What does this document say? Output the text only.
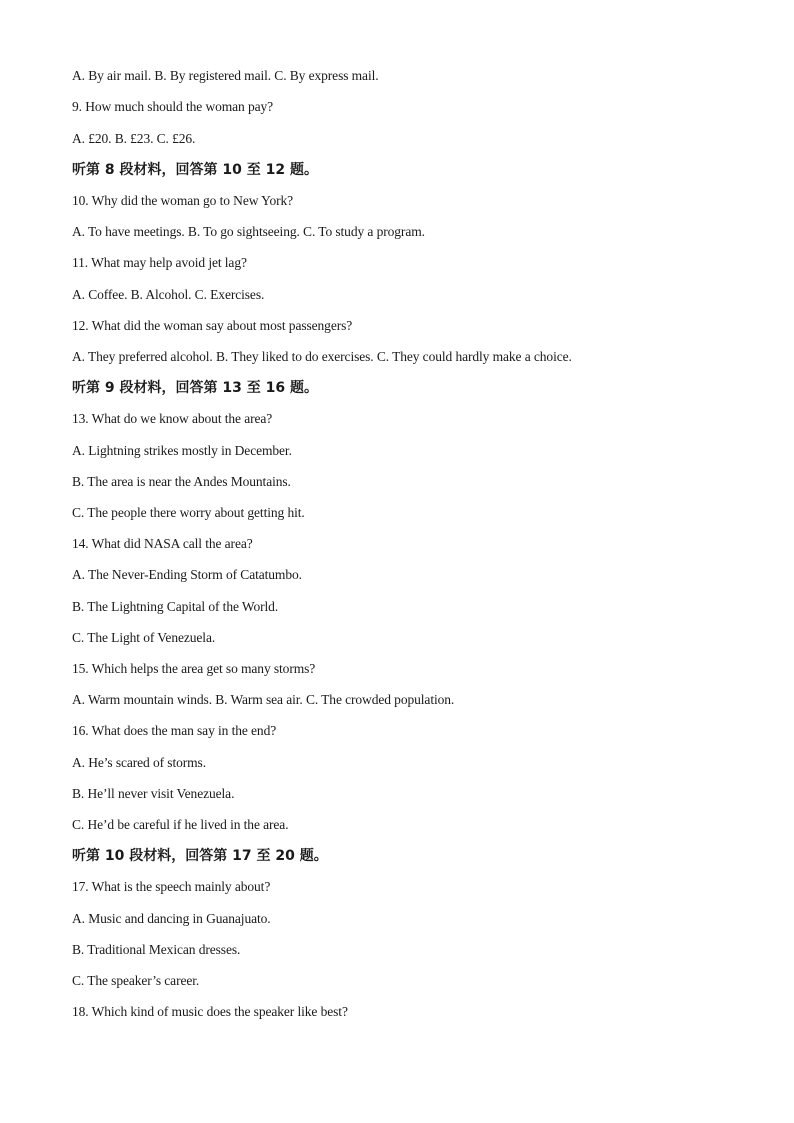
A. By air mail. B. By registered mail. C. By express mail.
9. How much should the woman pay?
A. £20. B. £23. C. £26.
听第 8 段材料，回答第 10 至 12 题。
10. Why did the woman go to New York?
A. To have meetings. B. To go sightseeing. C. To study a program.
11. What may help avoid jet lag?
A. Coffee. B. Alcohol. C. Exercises.
12. What did the woman say about most passengers?
A. They preferred alcohol. B. They liked to do exercises. C. They could hardly make a choice.
听第 9 段材料，回答第 13 至 16 题。
13. What do we know about the area?
A. Lightning strikes mostly in December.
B. The area is near the Andes Mountains.
C. The people there worry about getting hit.
14. What did NASA call the area?
A. The Never-Ending Storm of Catatumbo.
B. The Lightning Capital of the World.
C. The Light of Venezuela.
15. Which helps the area get so many storms?
A. Warm mountain winds. B. Warm sea air. C. The crowded population.
16. What does the man say in the end?
A. He’s scared of storms.
B. He’ll never visit Venezuela.
C. He’d be careful if he lived in the area.
听第 10 段材料，回答第 17 至 20 题。
17. What is the speech mainly about?
A. Music and dancing in Guanajuato.
B. Traditional Mexican dresses.
C. The speaker’s career.
18. Which kind of music does the speaker like best?
